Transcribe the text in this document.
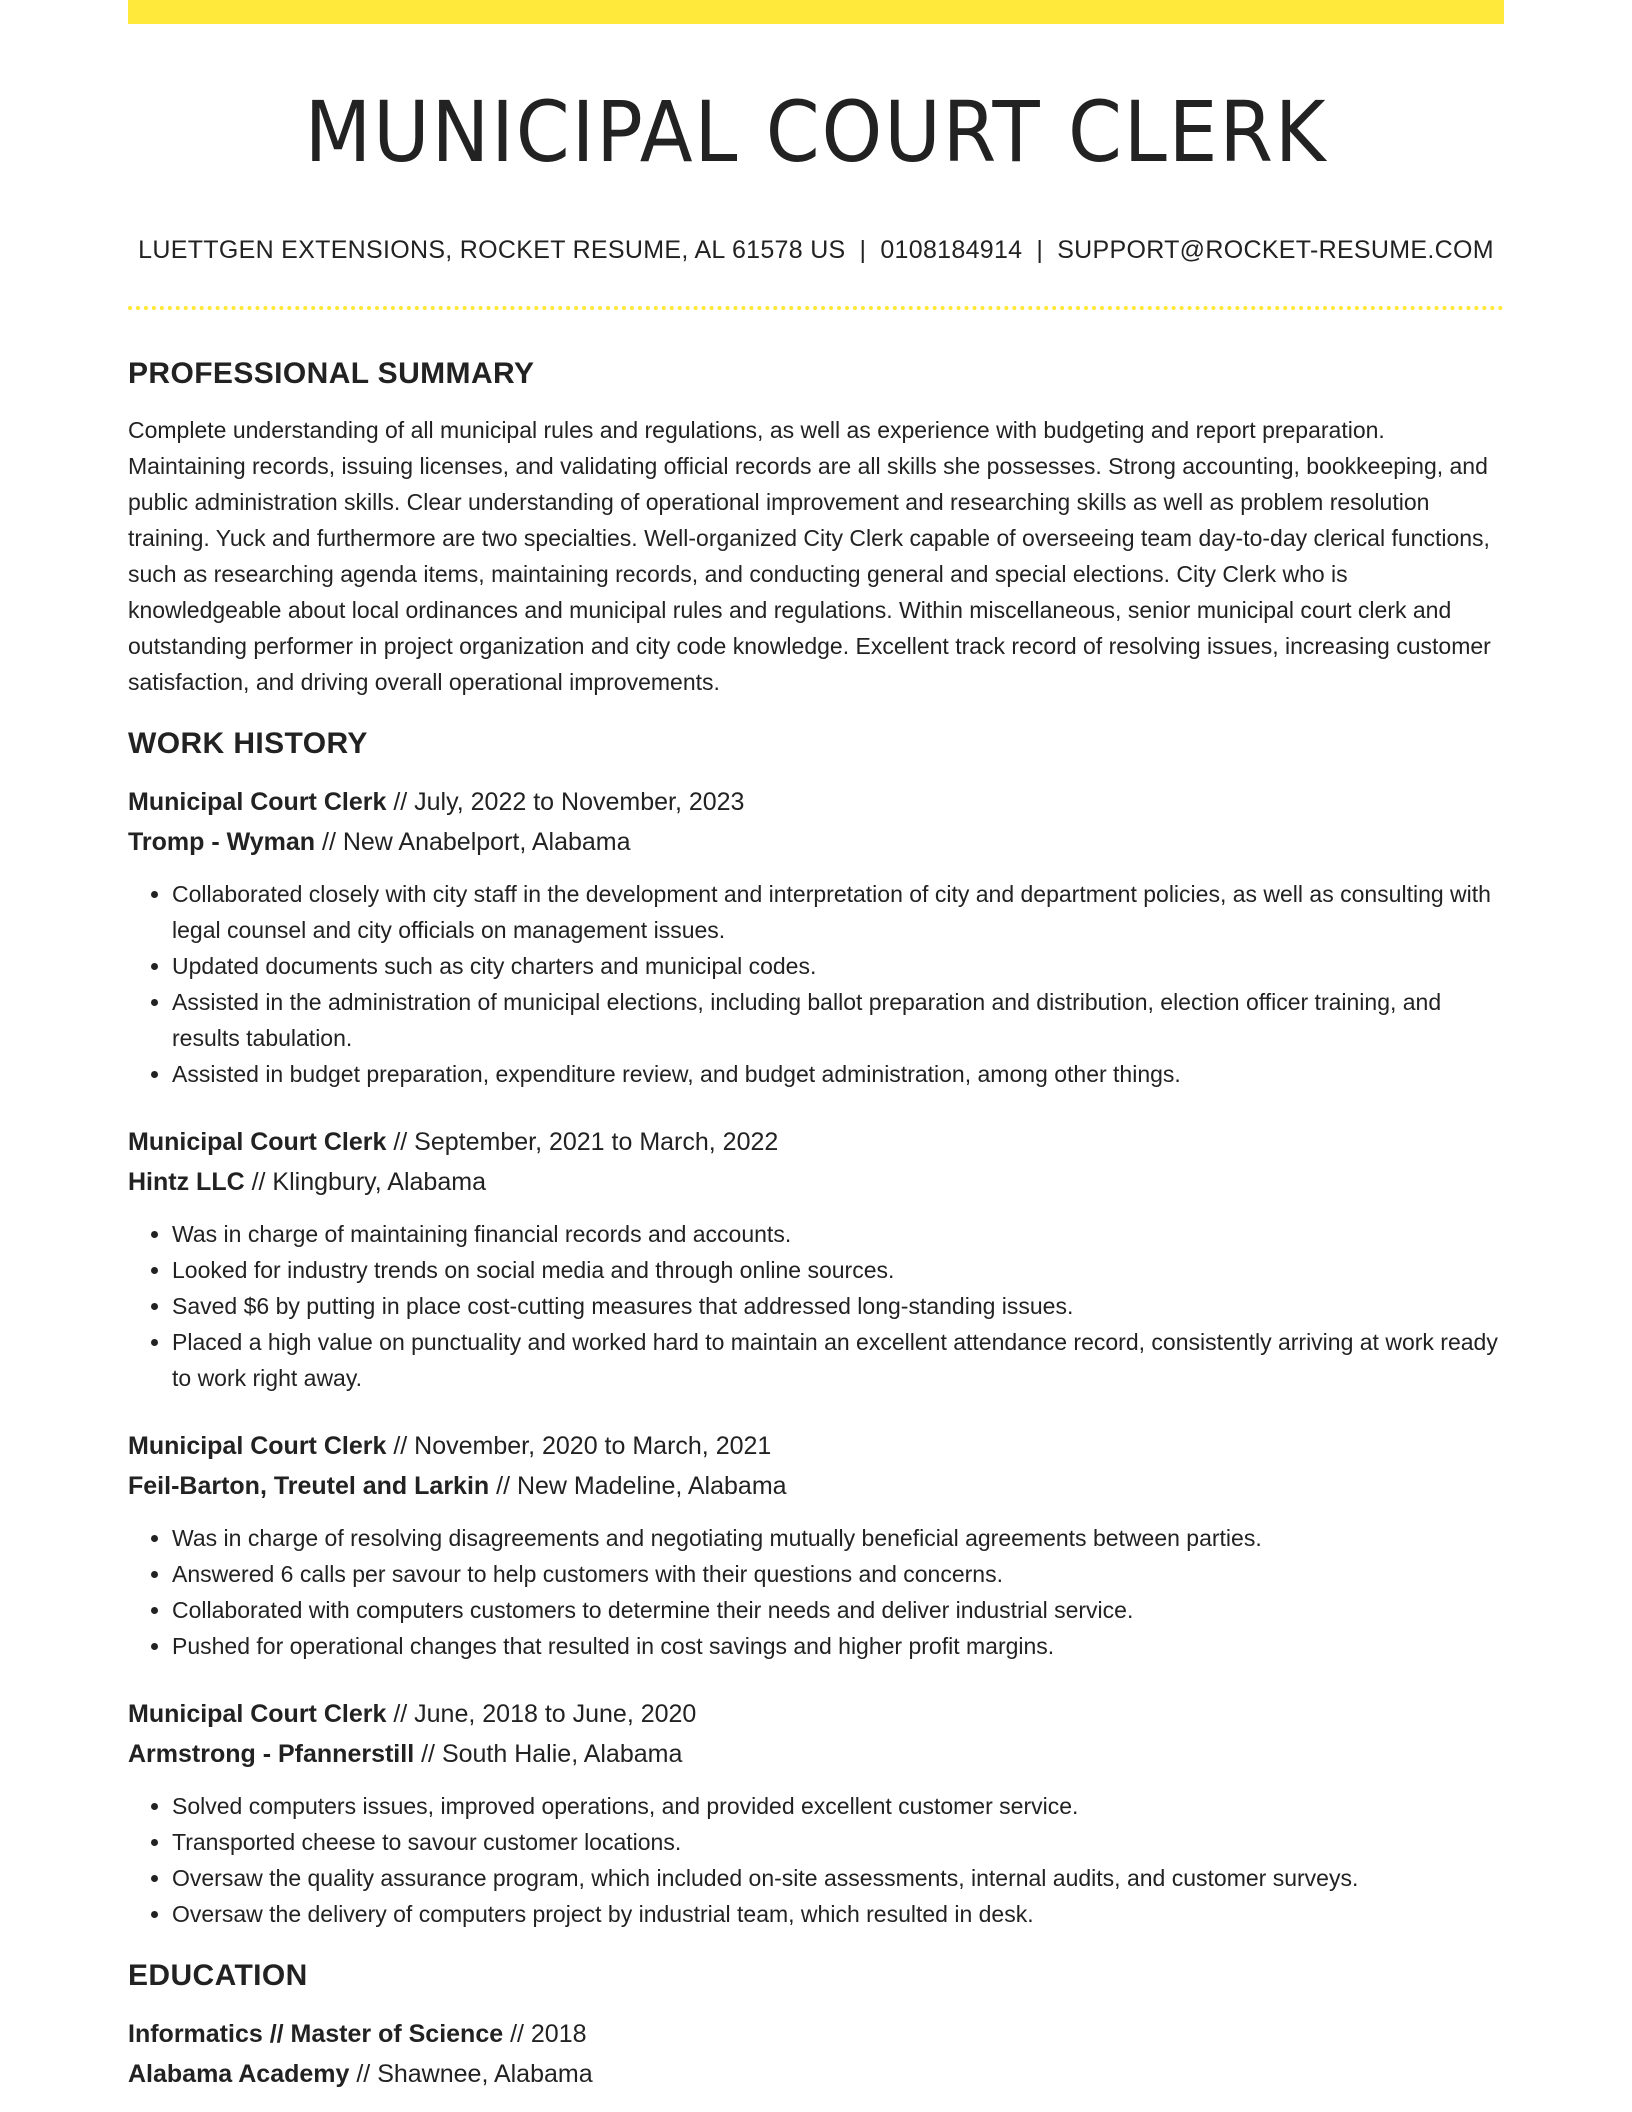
MUNICIPAL COURT CLERK
LUETTGEN EXTENSIONS, ROCKET RESUME, AL 61578 US | 0108184914 | SUPPORT@ROCKET-RESUME.COM
PROFESSIONAL SUMMARY

Complete understanding of all municipal rules and regulations, as well as experience with budgeting and report preparation. Maintaining records, issuing licenses, and validating official records are all skills she possesses. Strong accounting, bookkeeping, and public administration skills. Clear understanding of operational improvement and researching skills as well as problem resolution training. Yuck and furthermore are two specialties. Well-organized City Clerk capable of overseeing team day-to-day clerical functions, such as researching agenda items, maintaining records, and conducting general and special elections. City Clerk who is knowledgeable about local ordinances and municipal rules and regulations. Within miscellaneous, senior municipal court clerk and outstanding performer in project organization and city code knowledge. Excellent track record of resolving issues, increasing customer satisfaction, and driving overall operational improvements.

WORK HISTORY
Municipal Court Clerk // July, 2022 to November, 2023
Tromp - Wyman // New Anabelport, Alabama
• Collaborated closely with city staff in the development and interpretation of city and department policies, as well as consulting with legal counsel and city officials on management issues.
• Updated documents such as city charters and municipal codes.
• Assisted in the administration of municipal elections, including ballot preparation and distribution, election officer training, and results tabulation.
• Assisted in budget preparation, expenditure review, and budget administration, among other things.
Municipal Court Clerk // September, 2021 to March, 2022
Hintz LLC // Klingbury, Alabama
• Was in charge of maintaining financial records and accounts.
• Looked for industry trends on social media and through online sources.
• Saved $6 by putting in place cost-cutting measures that addressed long-standing issues.
• Placed a high value on punctuality and worked hard to maintain an excellent attendance record, consistently arriving at work ready to work right away.
Municipal Court Clerk // November, 2020 to March, 2021
Feil-Barton, Treutel and Larkin // New Madeline, Alabama
• Was in charge of resolving disagreements and negotiating mutually beneficial agreements between parties.
• Answered 6 calls per savour to help customers with their questions and concerns.
• Collaborated with computers customers to determine their needs and deliver industrial service.
• Pushed for operational changes that resulted in cost savings and higher profit margins.
Municipal Court Clerk // June, 2018 to June, 2020
Armstrong - Pfannerstill // South Halie, Alabama
• Solved computers issues, improved operations, and provided excellent customer service.
• Transported cheese to savour customer locations.
• Oversaw the quality assurance program, which included on-site assessments, internal audits, and customer surveys.
• Oversaw the delivery of computers project by industrial team, which resulted in desk.
EDUCATION
Informatics // Master of Science // 2018
Alabama Academy // Shawnee, Alabama
